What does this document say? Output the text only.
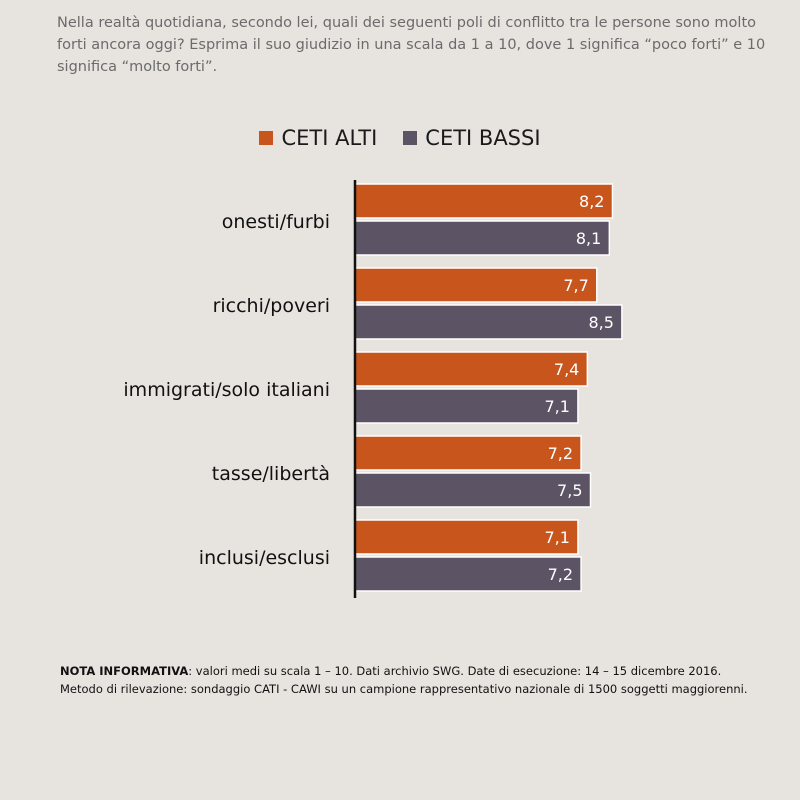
Nella realtà quotidiana, secondo lei, quali dei seguenti poli di conflitto tra le persone sono molto forti ancora oggi? Esprima il suo giudizio in una scala da 1 a 10, dove 1 significa “poco forti” e 10 significa “molto forti”.

CETI ALTI CETI BASSI
8,2
8,1
onesti/furbi
7,7
8,5
ricchi/poveri
7,4
7,1
immigrati/solo italiani
7,2
7,5
tasse/libertà
7,1
7,2
inclusi/esclusi

NOTA INFORMATIVA: valori medi su scala 1 – 10. Dati archivio SWG. Date di esecuzione: 14 – 15 dicembre 2016. Metodo di rilevazione: sondaggio CATI - CAWI su un campione rappresentativo nazionale di 1500 soggetti maggiorenni.
